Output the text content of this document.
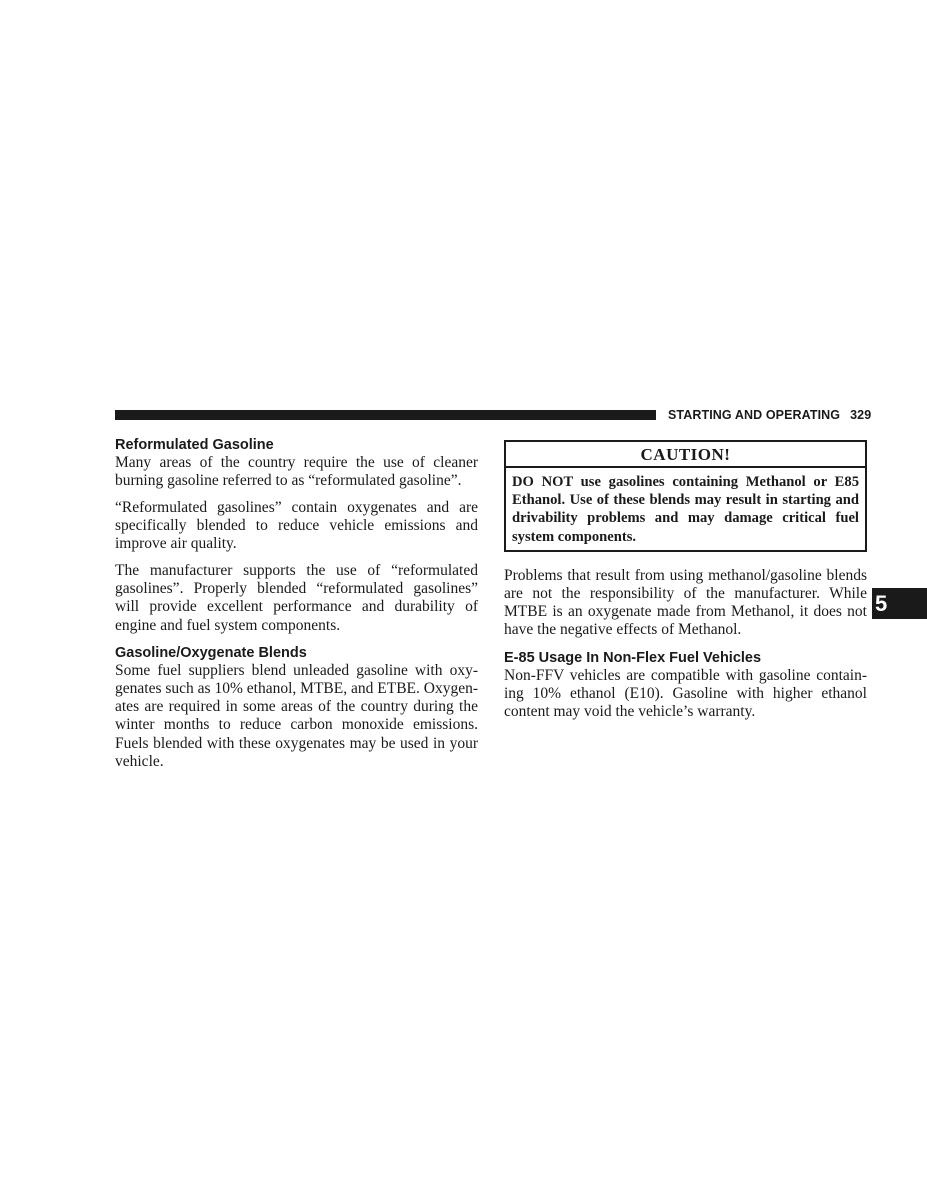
STARTING AND OPERATING 329
Reformulated Gasoline

Many areas of the country require the use of cleaner burning gasoline referred to as “reformulated gasoline”.

“Reformulated gasolines” contain oxygenates and are specifically blended to reduce vehicle emissions and improve air quality.

The manufacturer supports the use of “reformulated gasolines”. Properly blended “reformulated gasolines” will provide excellent performance and durability of engine and fuel system components.

Gasoline/Oxygenate Blends

Some fuel suppliers blend unleaded gasoline with oxy- genates such as 10% ethanol, MTBE, and ETBE. Oxygen- ates are required in some areas of the country during the winter months to reduce carbon monoxide emissions. Fuels blended with these oxygenates may be used in your vehicle.

CAUTION!
DO NOT use gasolines containing Methanol or E85 Ethanol. Use of these blends may result in starting and drivability problems and may damage critical fuel system components.

Problems that result from using methanol/gasoline blends are not the responsibility of the manufacturer. While MTBE is an oxygenate made from Methanol, it does not have the negative effects of Methanol.

E-85 Usage In Non-Flex Fuel Vehicles

Non-FFV vehicles are compatible with gasoline contain- ing 10% ethanol (E10). Gasoline with higher ethanol content may void the vehicle’s warranty.

5
